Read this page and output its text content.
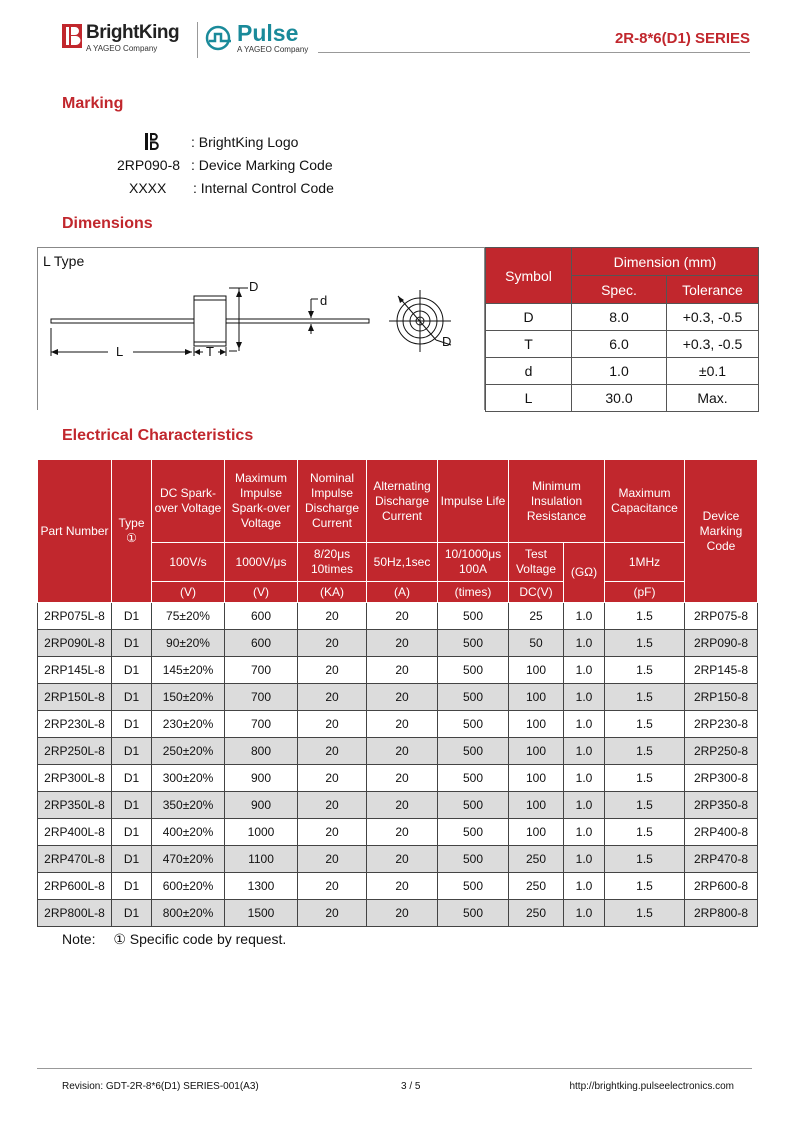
BrightKing
A YAGEO Company
Pulse
A YAGEO Company
2R-8*6(D1) SERIES
Marking
: BrightKing Logo
2RP090-8 : Device Marking Code
XXXX : Internal Control Code
Dimensions
L Type
D
d
L	T
D
Symbol	Dimension (mm)	
	Spec.	Tolerance
D	8.0	+0.3, -0.5
T	6.0	+0.3, -0.5
d	1.0	±0.1
L	30.0	Max.
Electrical Characteristics
Part Number	Type ①	DC Spark-over Voltage	Maximum Impulse Spark-over Voltage	Nominal Impulse Discharge Current	Alternating Discharge Current	Impulse Life	Minimum Insulation Resistance		Maximum Capacitance	Device Marking Code
		100V/s	1000V/μs	8/20μs 10times	50Hz,1sec	10/1000μs 100A	Test Voltage	(GΩ)	1MHz	
		(V)	(V)	(KA)	(A)	(times)	DC(V)		(pF)	
2RP075L-8	D1	75±20%	600	20	20	500	25	1.0	1.5	2RP075-8
2RP090L-8	D1	90±20%	600	20	20	500	50	1.0	1.5	2RP090-8
2RP145L-8	D1	145±20%	700	20	20	500	100	1.0	1.5	2RP145-8
2RP150L-8	D1	150±20%	700	20	20	500	100	1.0	1.5	2RP150-8
2RP230L-8	D1	230±20%	700	20	20	500	100	1.0	1.5	2RP230-8
2RP250L-8	D1	250±20%	800	20	20	500	100	1.0	1.5	2RP250-8
2RP300L-8	D1	300±20%	900	20	20	500	100	1.0	1.5	2RP300-8
2RP350L-8	D1	350±20%	900	20	20	500	100	1.0	1.5	2RP350-8
2RP400L-8	D1	400±20%	1000	20	20	500	100	1.0	1.5	2RP400-8
2RP470L-8	D1	470±20%	1100	20	20	500	250	1.0	1.5	2RP470-8
2RP600L-8	D1	600±20%	1300	20	20	500	250	1.0	1.5	2RP600-8
2RP800L-8	D1	800±20%	1500	20	20	500	250	1.0	1.5	2RP800-8
Note: ① Specific code by request.
Revision: GDT-2R-8*6(D1) SERIES-001(A3)	3 / 5	http://brightking.pulseelectronics.com
